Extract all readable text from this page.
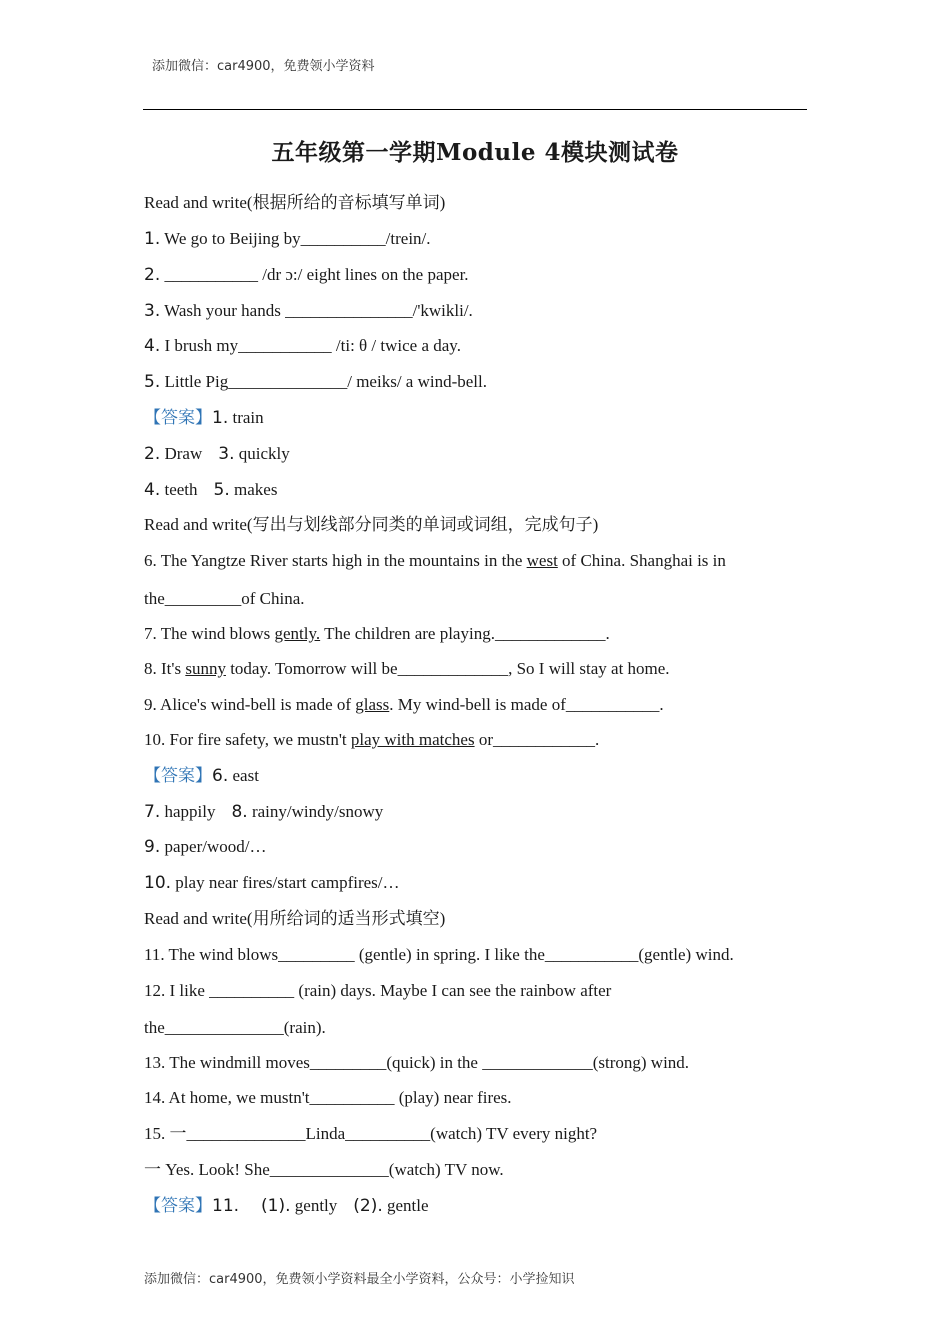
添加微信：car4900，免费领小学资料
五年级第一学期Module 4模块测试卷
Read and write(根据所给的音标填写单词)
1. We go to Beijing by__________/trein/.
2. ___________ /dr ɔ:/ eight lines on the paper.
3. Wash your hands _______________/'kwikli/.
4. I brush my___________ /ti: θ / twice a day.
5. Little Pig______________/ meiks/ a wind-bell.
【答案】1. train
2. Draw 3. quickly
4. teeth 5. makes
Read and write(写出与划线部分同类的单词或词组，完成句子)
6. The Yangtze River starts high in the mountains in the west of China. Shanghai is in
the_________of China.
7. The wind blows gently. The children are playing._____________.
8. It's sunny today. Tomorrow will be_____________, So I will stay at home.
9. Alice's wind-bell is made of glass. My wind-bell is made of___________.
10. For fire safety, we mustn't play with matches or____________.
【答案】6. east
7. happily 8. rainy/windy/snowy
9. paper/wood/…
10. play near fires/start campfires/…
Read and write(用所给词的适当形式填空)
11. The wind blows_________ (gentle) in spring. I like the___________(gentle) wind.
12. I like __________ (rain) days. Maybe I can see the rainbow after
the______________(rain).
13. The windmill moves_________(quick) in the _____________(strong) wind.
14. At home, we mustn't__________ (play) near fires.
15. 一______________Linda__________(watch) TV every night?
一 Yes. Look! She______________(watch) TV now.
【答案】11. (1). gently (2). gentle
添加微信：car4900，免费领小学资料最全小学资料，公众号：小学捡知识
